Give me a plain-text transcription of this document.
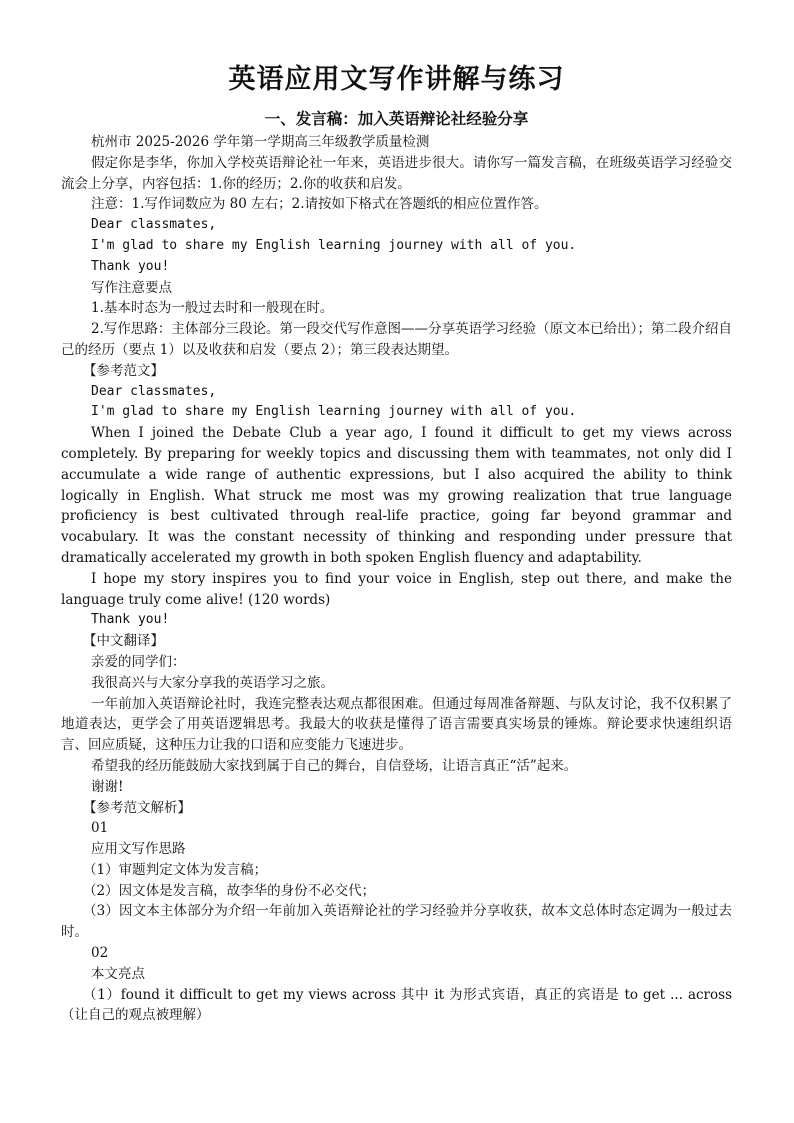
英语应用文写作讲解与练习
一、发言稿：加入英语辩论社经验分享

杭州市 2025-2026 学年第一学期高三年级教学质量检测

假定你是李华，你加入学校英语辩论社一年来，英语进步很大。请你写一篇发言稿，在班级英语学习经验交流会上分享，内容包括：1.你的经历；2.你的收获和启发。

注意：1.写作词数应为 80 左右；2.请按如下格式在答题纸的相应位置作答。

Dear classmates,

I'm glad to share my English learning journey with all of you.

Thank you!

写作注意要点

1.基本时态为一般过去时和一般现在时。

2.写作思路：主体部分三段论。第一段交代写作意图——分享英语学习经验（原文本已给出）；第二段介绍自己的经历（要点 1）以及收获和启发（要点 2）；第三段表达期望。

【参考范文】

Dear classmates,

I'm glad to share my English learning journey with all of you.

When I joined the Debate Club a year ago, I found it difficult to get my views across completely. By preparing for weekly topics and discussing them with teammates, not only did I accumulate a wide range of authentic expressions, but I also acquired the ability to think logically in English. What struck me most was my growing realization that true language proficiency is best cultivated through real-life practice, going far beyond grammar and vocabulary. It was the constant necessity of thinking and responding under pressure that dramatically accelerated my growth in both spoken English fluency and adaptability.

I hope my story inspires you to find your voice in English, step out there, and make the language truly come alive! (120 words)

Thank you!

【中文翻译】

亲爱的同学们：

我很高兴与大家分享我的英语学习之旅。

一年前加入英语辩论社时，我连完整表达观点都很困难。但通过每周准备辩题、与队友讨论，我不仅积累了地道表达，更学会了用英语逻辑思考。我最大的收获是懂得了语言需要真实场景的锤炼。辩论要求快速组织语言、回应质疑，这种压力让我的口语和应变能力飞速进步。

希望我的经历能鼓励大家找到属于自己的舞台，自信登场，让语言真正“活”起来。

谢谢!

【参考范文解析】

01

应用文写作思路

（1）审题判定文体为发言稿；

（2）因文体是发言稿，故李华的身份不必交代；

（3）因文本主体部分为介绍一年前加入英语辩论社的学习经验并分享收获，故本文总体时态定调为一般过去时。

02

本文亮点

（1）found it difficult to get my views across 其中 it 为形式宾语，真正的宾语是 to get ... across（让自己的观点被理解）
